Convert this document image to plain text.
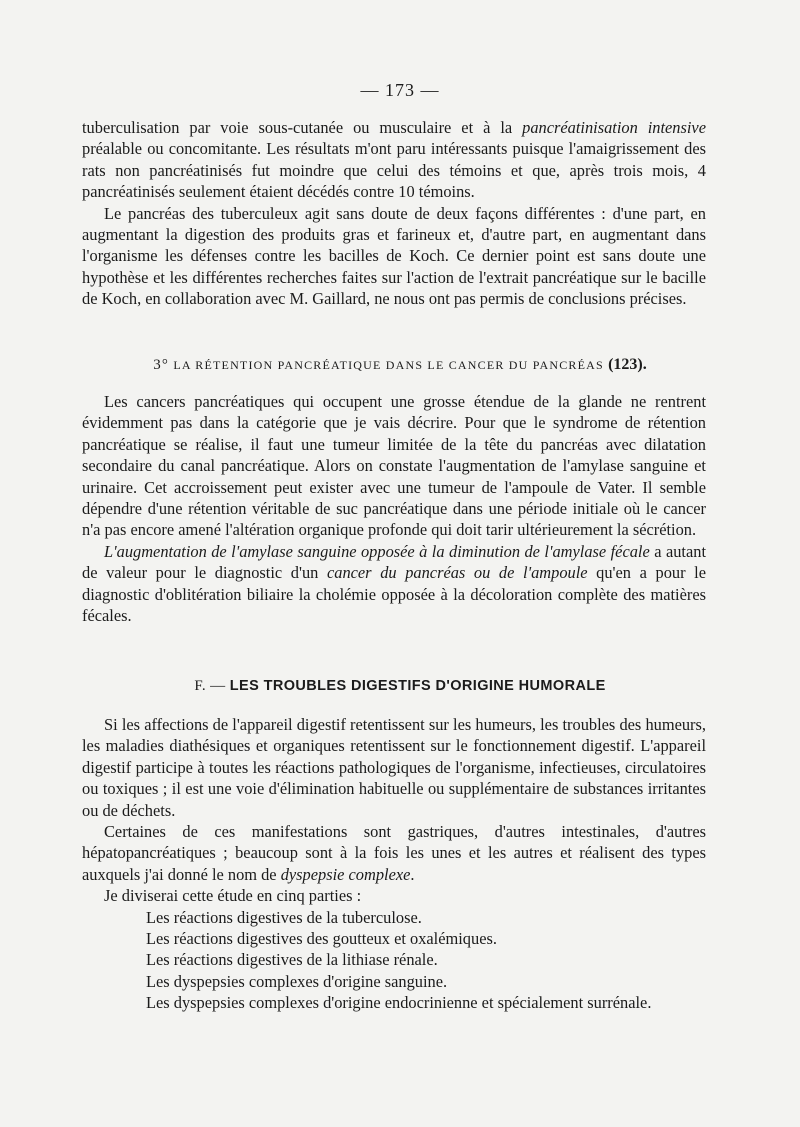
— 173 —

tuberculisation par voie sous-cutanée ou musculaire et à la pancréatinisation intensive préalable ou concomitante. Les résultats m'ont paru intéressants puisque l'amaigrissement des rats non pancréatinisés fut moindre que celui des témoins et que, après trois mois, 4 pancréatinisés seulement étaient décédés contre 10 témoins.

Le pancréas des tuberculeux agit sans doute de deux façons différentes : d'une part, en augmentant la digestion des produits gras et farineux et, d'autre part, en augmentant dans l'organisme les défenses contre les bacilles de Koch. Ce dernier point est sans doute une hypothèse et les différentes recherches faites sur l'action de l'extrait pancréatique sur le bacille de Koch, en collaboration avec M. Gaillard, ne nous ont pas permis de conclusions précises.

3° LA RÉTENTION PANCRÉATIQUE DANS LE CANCER DU PANCRÉAS (123).

Les cancers pancréatiques qui occupent une grosse étendue de la glande ne rentrent évidemment pas dans la catégorie que je vais décrire. Pour que le syndrome de rétention pancréatique se réalise, il faut une tumeur limitée de la tête du pancréas avec dilatation secondaire du canal pancréatique. Alors on constate l'augmentation de l'amylase sanguine et urinaire. Cet accroissement peut exister avec une tumeur de l'ampoule de Vater. Il semble dépendre d'une rétention véritable de suc pancréatique dans une période initiale où le cancer n'a pas encore amené l'altération organique profonde qui doit tarir ultérieurement la sécrétion.

L'augmentation de l'amylase sanguine opposée à la diminution de l'amylase fécale a autant de valeur pour le diagnostic d'un cancer du pancréas ou de l'ampoule qu'en a pour le diagnostic d'oblitération biliaire la cholémie opposée à la décoloration complète des matières fécales.

F. — LES TROUBLES DIGESTIFS D'ORIGINE HUMORALE

Si les affections de l'appareil digestif retentissent sur les humeurs, les troubles des humeurs, les maladies diathésiques et organiques retentissent sur le fonctionnement digestif. L'appareil digestif participe à toutes les réactions pathologiques de l'organisme, infectieuses, circulatoires ou toxiques ; il est une voie d'élimination habituelle ou supplémentaire de substances irritantes ou de déchets.

Certaines de ces manifestations sont gastriques, d'autres intestinales, d'autres hépatopancréatiques ; beaucoup sont à la fois les unes et les autres et réalisent des types auxquels j'ai donné le nom de dyspepsie complexe.

Je diviserai cette étude en cinq parties :

Les réactions digestives de la tuberculose.
Les réactions digestives des goutteux et oxalémiques.
Les réactions digestives de la lithiase rénale.
Les dyspepsies complexes d'origine sanguine.
Les dyspepsies complexes d'origine endocrinienne et spécialement surrénale.
